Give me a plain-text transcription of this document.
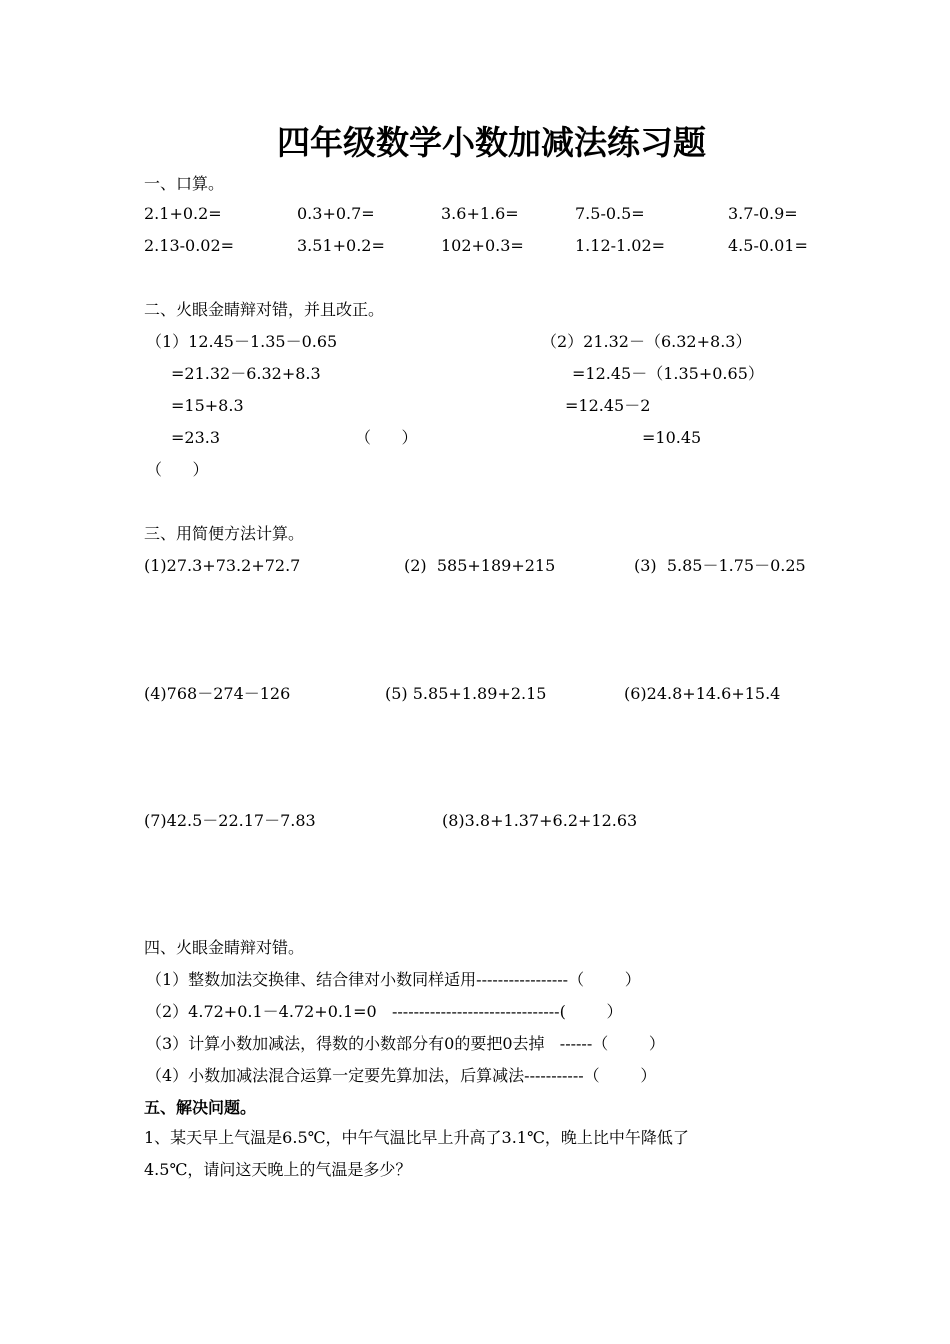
四年级数学小数加减法练习题
一、口算。
2.1+0.2=	0.3+0.7=	3.6+1.6=	7.5-0.5=	3.7-0.9=
2.13-0.02=	3.51+0.2=	102+0.3=	1.12-1.02=	4.5-0.01=
二、火眼金睛辩对错，并且改正。
（1）12.45－1.35－0.65
=21.32－6.32+8.3
=15+8.3
=23.3	（      ）
（      ）
（2）21.32－（6.32+8.3）
=12.45－（1.35+0.65）
=12.45－2
=10.45
三、用简便方法计算。
(1)27.3+73.2+72.7	(2)  585+189+215	(3)  5.85－1.75－0.25
(4)768－274－126	(5) 5.85+1.89+2.15	(6)24.8+14.6+15.4
(7)42.5－22.17－7.83	(8)3.8+1.37+6.2+12.63
四、火眼金睛辩对错。
（1）整数加法交换律、结合律对小数同样适用-----------------（        ）
（2）4.72+0.1－4.72+0.1=0   -------------------------------(        ）
（3）计算小数加减法，得数的小数部分有0的要把0去掉   ------（        ）
（4）小数加减法混合运算一定要先算加法，后算减法-----------（        ）
五、解决问题。
1、某天早上气温是6.5℃，中午气温比早上升高了3.1℃，晚上比中午降低了
4.5℃，请问这天晚上的气温是多少？
